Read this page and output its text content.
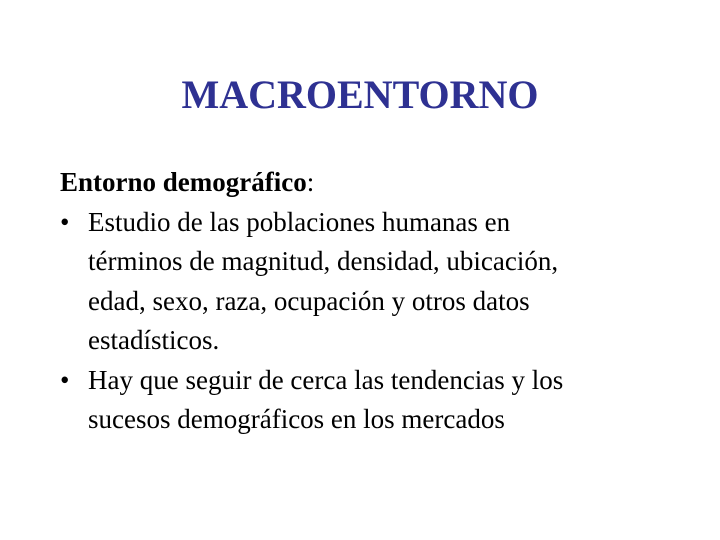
MACROENTORNO

Entorno demográfico:

• Estudio de las poblaciones humanas en
términos de magnitud, densidad, ubicación,
edad, sexo, raza, ocupación y otros datos
estadísticos.
• Hay que seguir de cerca las tendencias y los
sucesos demográficos en los mercados
